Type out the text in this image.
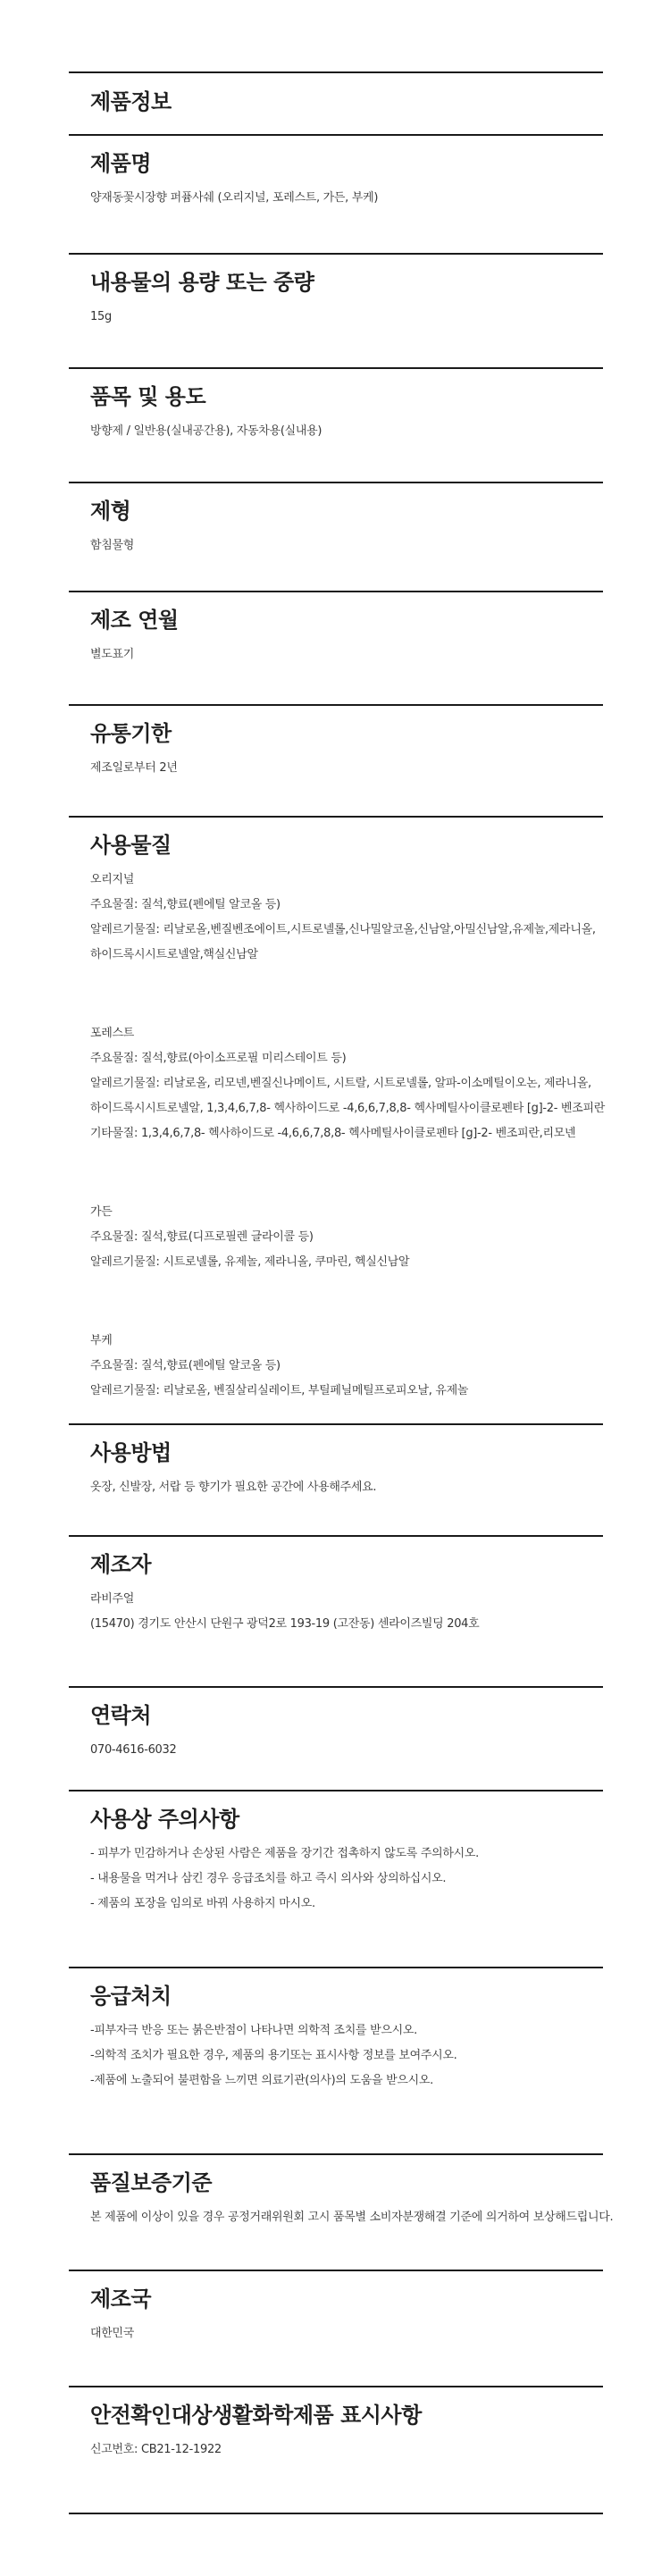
제품정보
제품명

양재동꽃시장향 퍼퓸사쉐 (오리지널, 포레스트, 가든, 부케)

내용물의 용량 또는 중량

15g

품목 및 용도

방향제 / 일반용(실내공간용), 자동차용(실내용)

제형

함침물형

제조 연월

별도표기

유통기한

제조일로부터 2년

사용물질

오리지널

주요물질: 질석,향료(펜에틸 알코올 등)

알레르기물질: 리날로올,벤질벤조에이트,시트로넬롤,신나밀알코올,신남알,아밀신남알,유제놀,제라니올,

하이드록시시트로넬알,핵실신남알

포레스트

주요물질: 질석,향료(아이소프로필 미리스테이트 등)

알레르기물질: 리날로올, 리모넨,벤질신나메이트, 시트랄, 시트로넬롤, 알파-이소메틸이오논, 제라니올,

하이드록시시트로넬알, 1,3,4,6,7,8- 헥사하이드로 -4,6,6,7,8,8- 헥사메틸사이클로펜타 [g]-2- 벤조피란

기타물질: 1,3,4,6,7,8- 헥사하이드로 -4,6,6,7,8,8- 헥사메틸사이클로펜타 [g]-2- 벤조피란,리모넨

가든

주요물질: 질석,향료(디프로필렌 글라이콜 등)

알레르기물질: 시트로넬롤, 유제놀, 제라니올, 쿠마린, 헥실신남알

부케

주요물질: 질석,향료(펜에틸 알코올 등)

알레르기물질: 리날로올, 벤질살리실레이트, 부틸페닐메틸프로피오날, 유제놀

사용방법

옷장, 신발장, 서랍 등 향기가 필요한 공간에 사용해주세요.

제조자

라비주얼

(15470) 경기도 안산시 단원구 광덕2로 193-19 (고잔동) 센라이즈빌딩 204호

연락처

070-4616-6032

사용상 주의사항

- 피부가 민감하거나 손상된 사람은 제품을 장기간 접촉하지 않도록 주의하시오.

- 내용물을 먹거나 삼킨 경우 응급조치를 하고 즉시 의사와 상의하십시오.

- 제품의 포장을 임의로 바꿔 사용하지 마시오.

응급처치

-피부자극 반응 또는 붉은반점이 나타나면 의학적 조치를 받으시오.

-의학적 조치가 필요한 경우, 제품의 용기또는 표시사항 정보를 보여주시오.

-제품에 노출되어 불편함을 느끼면 의료기관(의사)의 도움을 받으시오.

품질보증기준

본 제품에 이상이 있을 경우 공정거래위원회 고시 품목별 소비자분쟁해결 기준에 의거하여 보상해드립니다.

제조국

대한민국

안전확인대상생활화학제품 표시사항

신고번호: CB21-12-1922
